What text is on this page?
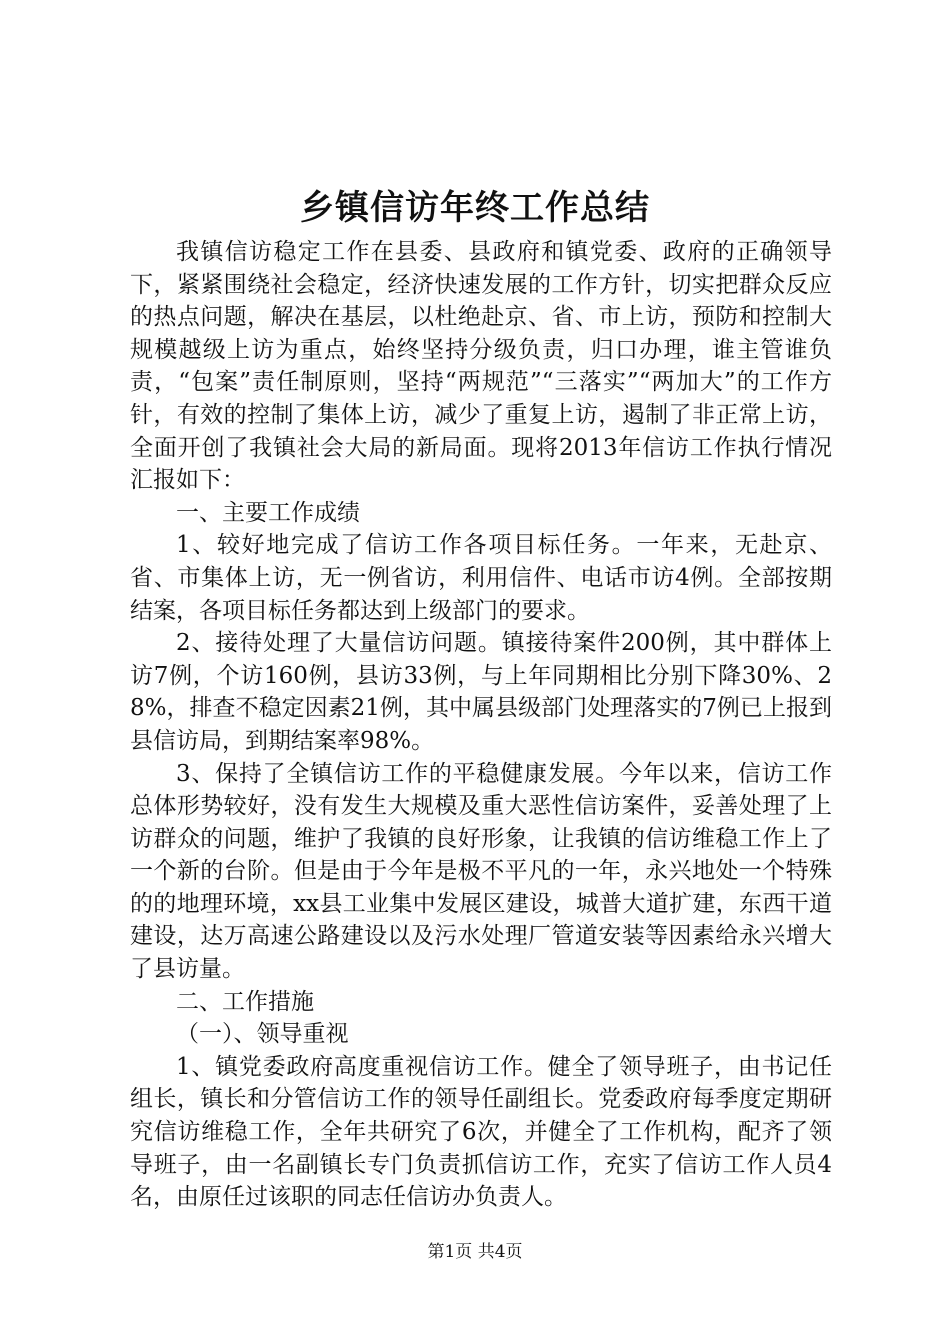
乡镇信访年终工作总结

我镇信访稳定工作在县委、县政府和镇党委、政府的正确领导下，紧紧围绕社会稳定，经济快速发展的工作方针，切实把群众反应的热点问题，解决在基层，以杜绝赴京、省、市上访，预防和控制大规模越级上访为重点，始终坚持分级负责，归口办理，谁主管谁负责，“包案”责任制原则，坚持“两规范”“三落实”“两加大”的工作方针，有效的控制了集体上访，减少了重复上访，遏制了非正常上访，全面开创了我镇社会大局的新局面。现将2013年信访工作执行情况汇报如下：

一、主要工作成绩

1、较好地完成了信访工作各项目标任务。一年来，无赴京、省、市集体上访，无一例省访，利用信件、电话市访4例。全部按期结案，各项目标任务都达到上级部门的要求。

2、接待处理了大量信访问题。镇接待案件200例，其中群体上访7例，个访160例，县访33例，与上年同期相比分别下降30%、28%，排查不稳定因素21例，其中属县级部门处理落实的7例已上报到县信访局，到期结案率98%。

3、保持了全镇信访工作的平稳健康发展。今年以来，信访工作总体形势较好，没有发生大规模及重大恶性信访案件，妥善处理了上访群众的问题，维护了我镇的良好形象，让我镇的信访维稳工作上了一个新的台阶。但是由于今年是极不平凡的一年，永兴地处一个特殊的的地理环境，xx县工业集中发展区建设，城普大道扩建，东西干道建设，达万高速公路建设以及污水处理厂管道安装等因素给永兴增大了县访量。

二、工作措施

（一）、领导重视

1、镇党委政府高度重视信访工作。健全了领导班子，由书记任组长，镇长和分管信访工作的领导任副组长。党委政府每季度定期研究信访维稳工作，全年共研究了6次，并健全了工作机构，配齐了领导班子，由一名副镇长专门负责抓信访工作，充实了信访工作人员4名，由原任过该职的同志任信访办负责人。

第1页 共4页
